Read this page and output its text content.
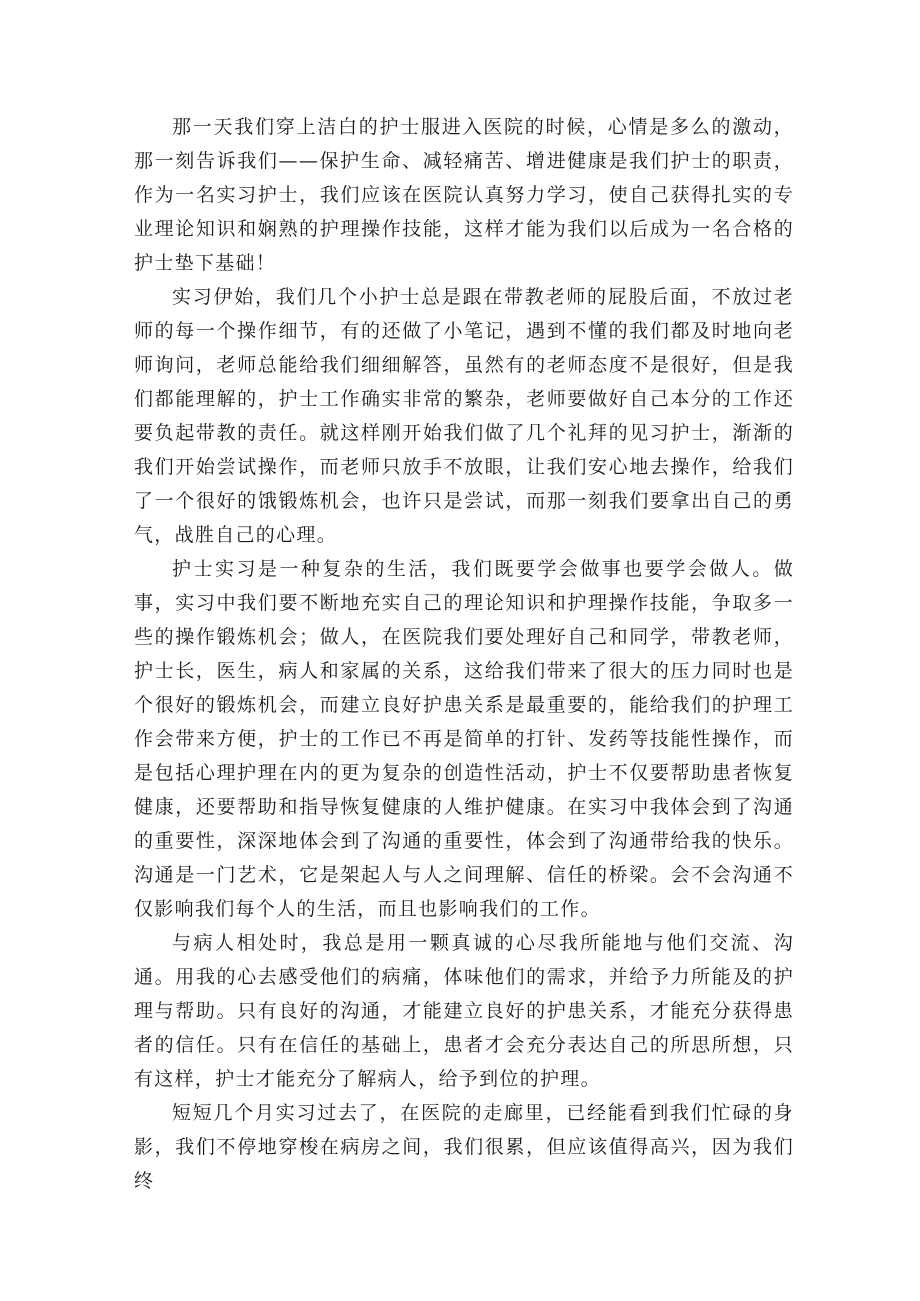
那一天我们穿上洁白的护士服进入医院的时候，心情是多么的激动，那一刻告诉我们——保护生命、减轻痛苦、增进健康是我们护士的职责，作为一名实习护士，我们应该在医院认真努力学习，使自己获得扎实的专业理论知识和娴熟的护理操作技能，这样才能为我们以后成为一名合格的护士垫下基础！

实习伊始，我们几个小护士总是跟在带教老师的屁股后面，不放过老师的每一个操作细节，有的还做了小笔记，遇到不懂的我们都及时地向老师询问，老师总能给我们细细解答，虽然有的老师态度不是很好，但是我们都能理解的，护士工作确实非常的繁杂，老师要做好自己本分的工作还要负起带教的责任。就这样刚开始我们做了几个礼拜的见习护士，渐渐的我们开始尝试操作，而老师只放手不放眼，让我们安心地去操作，给我们了一个很好的饿锻炼机会，也许只是尝试，而那一刻我们要拿出自己的勇气，战胜自己的心理。

护士实习是一种复杂的生活，我们既要学会做事也要学会做人。做事，实习中我们要不断地充实自己的理论知识和护理操作技能，争取多一些的操作锻炼机会；做人，在医院我们要处理好自己和同学，带教老师，护士长，医生，病人和家属的关系，这给我们带来了很大的压力同时也是个很好的锻炼机会，而建立良好护患关系是最重要的，能给我们的护理工作会带来方便，护士的工作已不再是简单的打针、发药等技能性操作，而是包括心理护理在内的更为复杂的创造性活动，护士不仅要帮助患者恢复健康，还要帮助和指导恢复健康的人维护健康。在实习中我体会到了沟通的重要性，深深地体会到了沟通的重要性，体会到了沟通带给我的快乐。沟通是一门艺术，它是架起人与人之间理解、信任的桥梁。会不会沟通不仅影响我们每个人的生活，而且也影响我们的工作。

与病人相处时，我总是用一颗真诚的心尽我所能地与他们交流、沟通。用我的心去感受他们的病痛，体味他们的需求，并给予力所能及的护理与帮助。只有良好的沟通，才能建立良好的护患关系，才能充分获得患者的信任。只有在信任的基础上，患者才会充分表达自己的所思所想，只有这样，护士才能充分了解病人，给予到位的护理。

短短几个月实习过去了，在医院的走廊里，已经能看到我们忙碌的身影，我们不停地穿梭在病房之间，我们很累，但应该值得高兴，因为我们终
